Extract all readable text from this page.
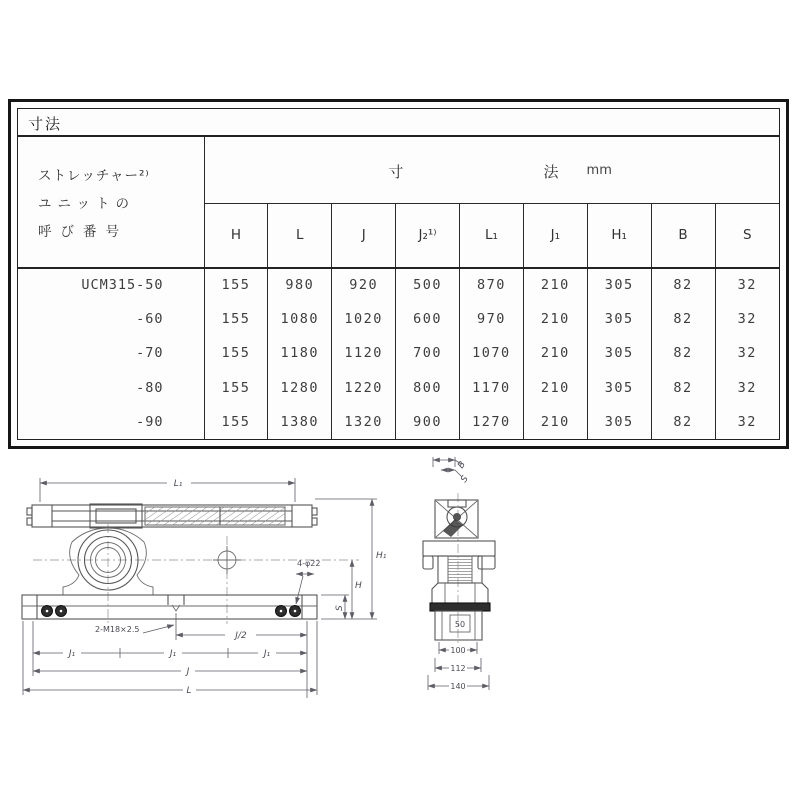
寸法
ストレッチャー²⁾
ユニットの
呼び番号

寸	法 mm

	H	L	J	J₂¹⁾	L₁	J₁	H₁	B	S
UCM315-50	155	980	920	500	870	210	305	82	32
-60	155	1080	1020	600	970	210	305	82	32
-70	155	1180	1120	700	1070	210	305	82	32
-80	155	1280	1220	800	1170	210	305	82	32
-90	155	1380	1320	900	1270	210	305	82	32
L₁
H₁
H
S
4-φ22
2-M18×2.5
J/2
J₁	J₁	J₁
J
L
B
S
50
100
112
140
